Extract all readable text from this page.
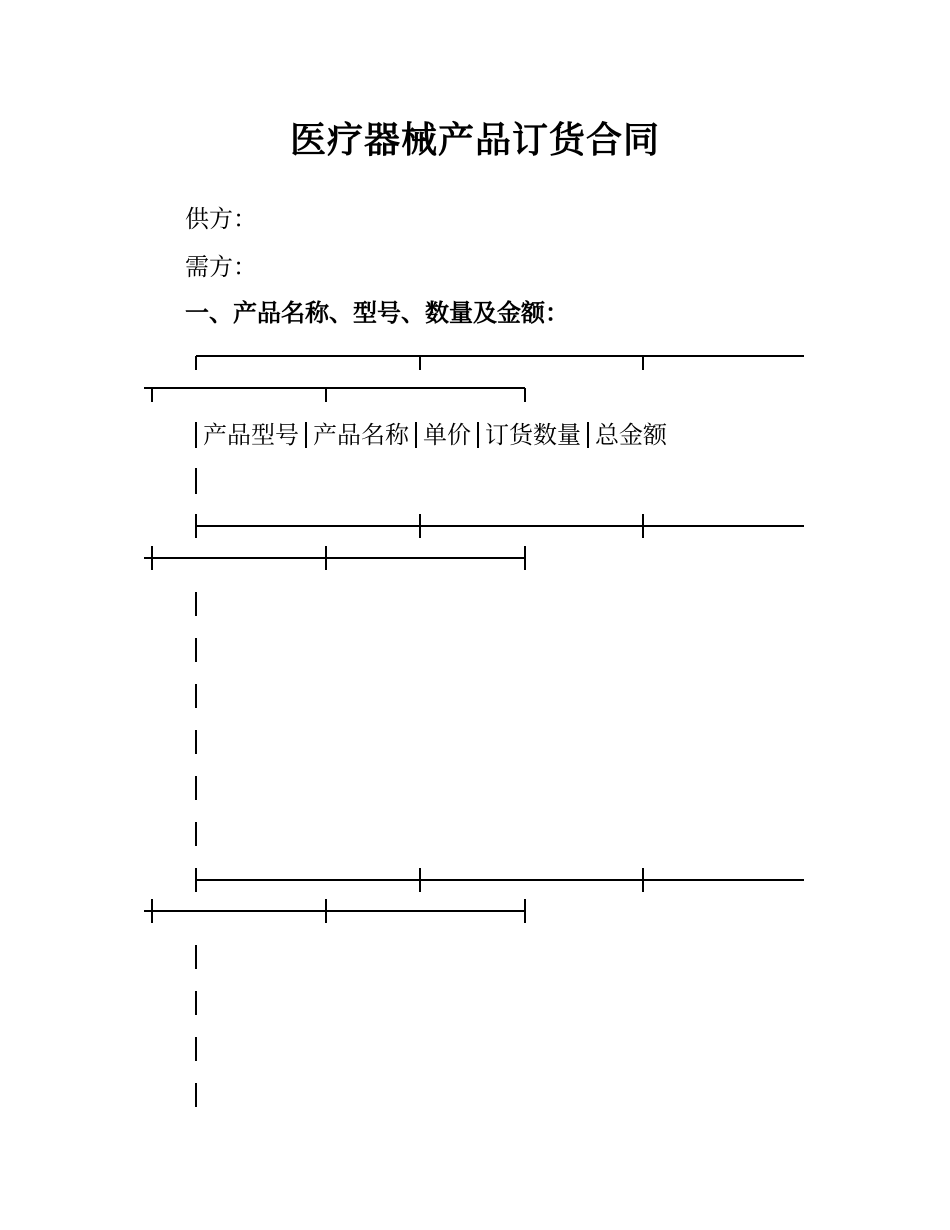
医疗器械产品订货合同
供方：
需方：
一、产品名称、型号、数量及金额：
产品型号 产品名称 单价 订货数量 总金额
